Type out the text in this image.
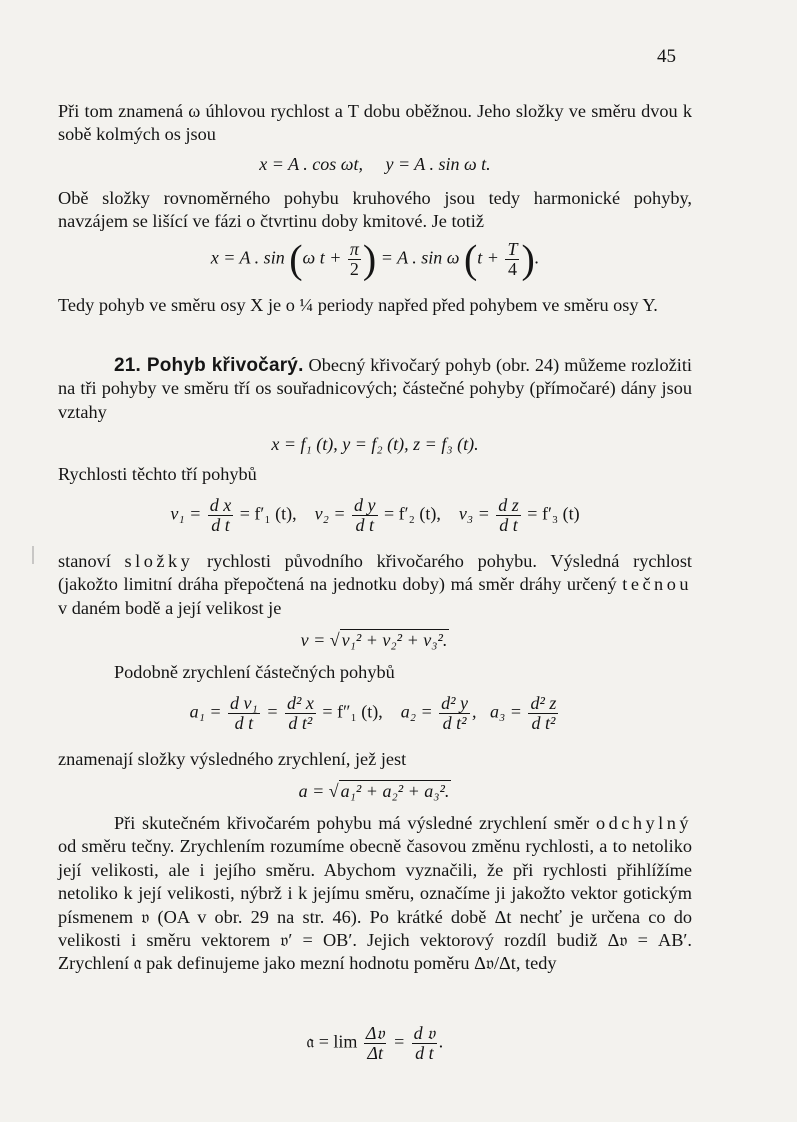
45

Při tom znamená ω úhlovou rychlost a T dobu oběžnou. Jeho složky ve směru dvou k sobě kolmých os jsou

x = A . cos ωt, y = A . sin ω t.

Obě složky rovnoměrného pohybu kruhového jsou tedy harmonické pohyby, navzájem se lišící ve fázi o čtvrtinu doby kmitové. Je totiž

x = A . sin (ω $t + \frac{\pi}{2}$ ) = A . sin ω ($t + \frac{T}{4}$ ).

Tedy pohyb ve směru osy X je o ¼ periody napřed před pohybem ve směru osy Y.

21. Pohyb křivočarý. Obecný křivočarý pohyb (obr. 24) můžeme rozložiti na tři pohyby ve směru tří os souřadnicových; částečné pohyby (přímočaré) dány jsou vztahy

x = f₁ (t), y = f₂ (t), z = f₃ (t).

Rychlosti těchto tří pohybů

$v_1 = \frac{\text{d x}}{\text{d t}} = f'_1$ (t), $v_2 = \frac{\text{d y}}{\text{d t}} = f'_2$ (t), $v_3 = \frac{\text{d z}}{\text{d t}} = f'_3$ (t)

stanoví složky rychlosti původního křivočarého pohybu. Výsledná rychlost (jakožto limitní dráha přepočtená na jednotku doby) má směr dráhy určený tečnou v daném bodě a její velikost je

v = √ v₁² + v₂² + v₃².

Podobně zrychlení částečných pohybů

$a_1 = \frac{\text{d v₁}}{\text{d t}} = \frac{\text{d² x}}{\text{d t²}} = f''_1$ (t), $a_2 = \frac{\text{d² y}}{\text{d t²}}$ ,   $a_3 = \frac{\text{d² z}}{\text{d t²}}$

znamenají složky výsledného zrychlení, jež jest

a = √ a₁² + a₂² + a₃².

Při skutečném křivočarém pohybu má výsledné zrychlení směr odchylný od směru tečny. Zrychlením rozumíme obecně časovou změnu rychlosti, a to netoliko její velikosti, ale i jejího směru. Abychom vyznačili, že při rychlosti přihlížíme netoliko k její velikosti, nýbrž i k jejímu směru, označíme ji jakožto vektor gotickým písmenem 𝔳 (OA v obr. 29 na str. 46). Po krátké době Δt nechť je určena co do velikosti i směru vektorem 𝔳′ = OB′. Jejich vektorový rozdíl budiž Δ𝔳 = AB′. Zrychlení 𝔞 pak definujeme jako mezní hodnotu poměru Δ𝔳/Δt, tedy

𝔞 = $\lim \frac{\text{Δ𝔳}}{\Delta t} = \frac{\text{d 𝔳}}{\text{d t}}$ .
